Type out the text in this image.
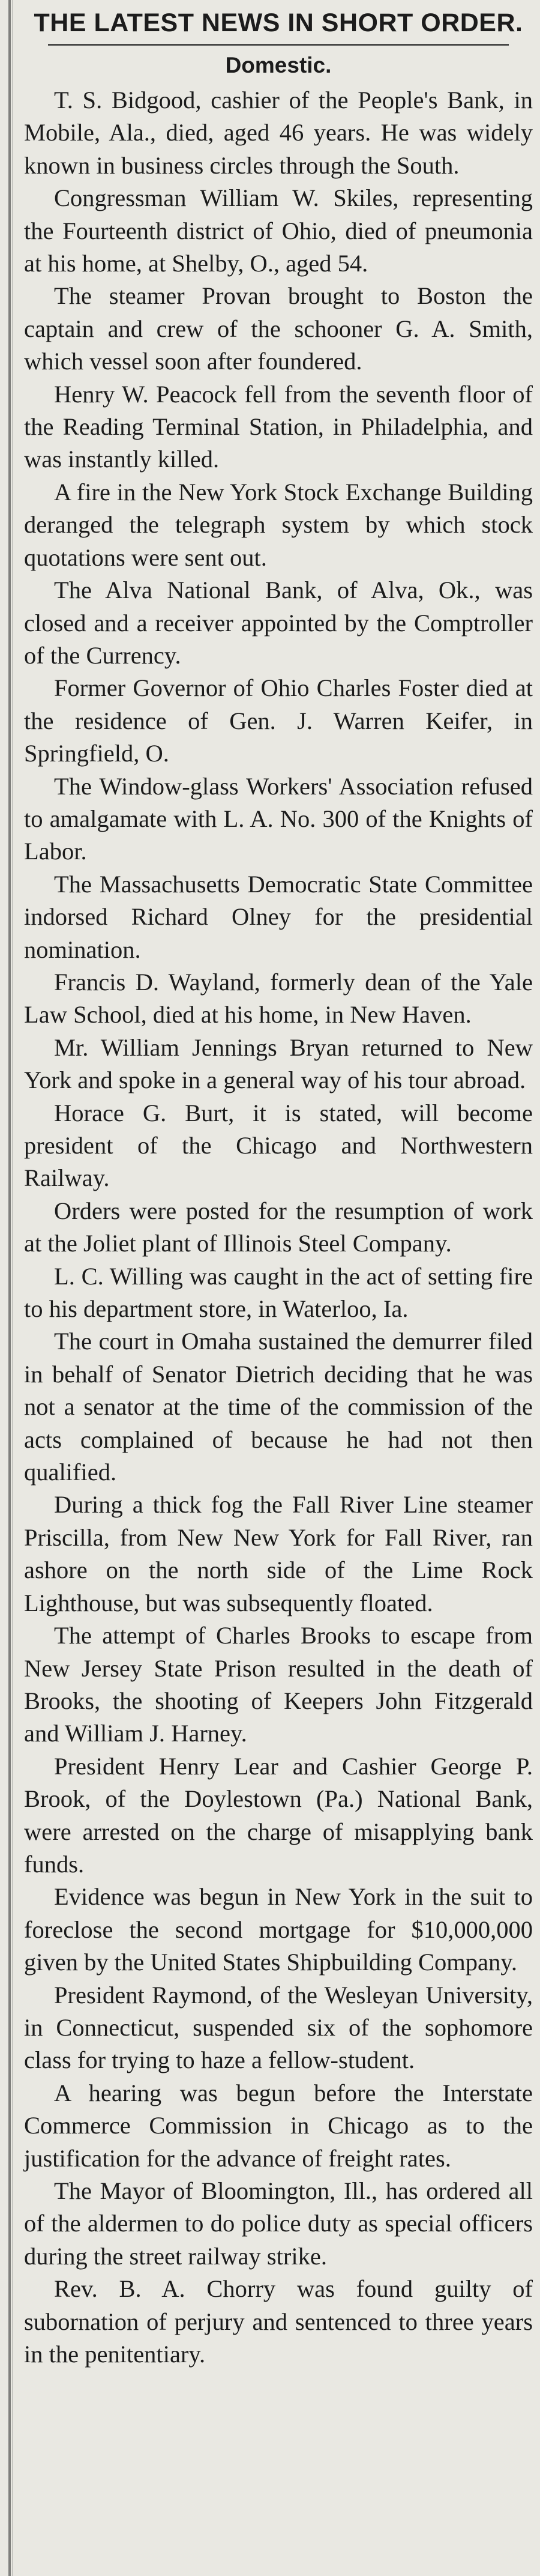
THE LATEST NEWS IN SHORT ORDER.
Domestic.

T. S. Bidgood, cashier of the People's Bank, in Mobile, Ala., died, aged 46 years. He was widely known in business circles through the South.

Congressman William W. Skiles, representing the Fourteenth district of Ohio, died of pneumonia at his home, at Shelby, O., aged 54.

The steamer Provan brought to Boston the captain and crew of the schooner G. A. Smith, which vessel soon after foundered.

Henry W. Peacock fell from the seventh floor of the Reading Terminal Station, in Philadelphia, and was instantly killed.

A fire in the New York Stock Exchange Building deranged the telegraph system by which stock quotations were sent out.

The Alva National Bank, of Alva, Ok., was closed and a receiver appointed by the Comptroller of the Currency.

Former Governor of Ohio Charles Foster died at the residence of Gen. J. Warren Keifer, in Springfield, O.

The Window-glass Workers' Association refused to amalgamate with L. A. No. 300 of the Knights of Labor.

The Massachusetts Democratic State Committee indorsed Richard Olney for the presidential nomination.

Francis D. Wayland, formerly dean of the Yale Law School, died at his home, in New Haven.

Mr. William Jennings Bryan returned to New York and spoke in a general way of his tour abroad.

Horace G. Burt, it is stated, will become president of the Chicago and Northwestern Railway.

Orders were posted for the resumption of work at the Joliet plant of Illinois Steel Company.

L. C. Willing was caught in the act of setting fire to his department store, in Waterloo, Ia.

The court in Omaha sustained the demurrer filed in behalf of Senator Dietrich deciding that he was not a senator at the time of the commission of the acts complained of because he had not then qualified.

During a thick fog the Fall River Line steamer Priscilla, from New New York for Fall River, ran ashore on the north side of the Lime Rock Lighthouse, but was subsequently floated.

The attempt of Charles Brooks to escape from New Jersey State Prison resulted in the death of Brooks, the shooting of Keepers John Fitzgerald and William J. Harney.

President Henry Lear and Cashier George P. Brook, of the Doylestown (Pa.) National Bank, were arrested on the charge of misapplying bank funds.

Evidence was begun in New York in the suit to foreclose the second mortgage for $10,000,000 given by the United States Shipbuilding Company.

President Raymond, of the Wesleyan University, in Connecticut, suspended six of the sophomore class for trying to haze a fellow-student.

A hearing was begun before the Interstate Commerce Commission in Chicago as to the justification for the advance of freight rates.

The Mayor of Bloomington, Ill., has ordered all of the aldermen to do police duty as special officers during the street railway strike.

Rev. B. A. Chorry was found guilty of subornation of perjury and sentenced to three years in the penitentiary.
